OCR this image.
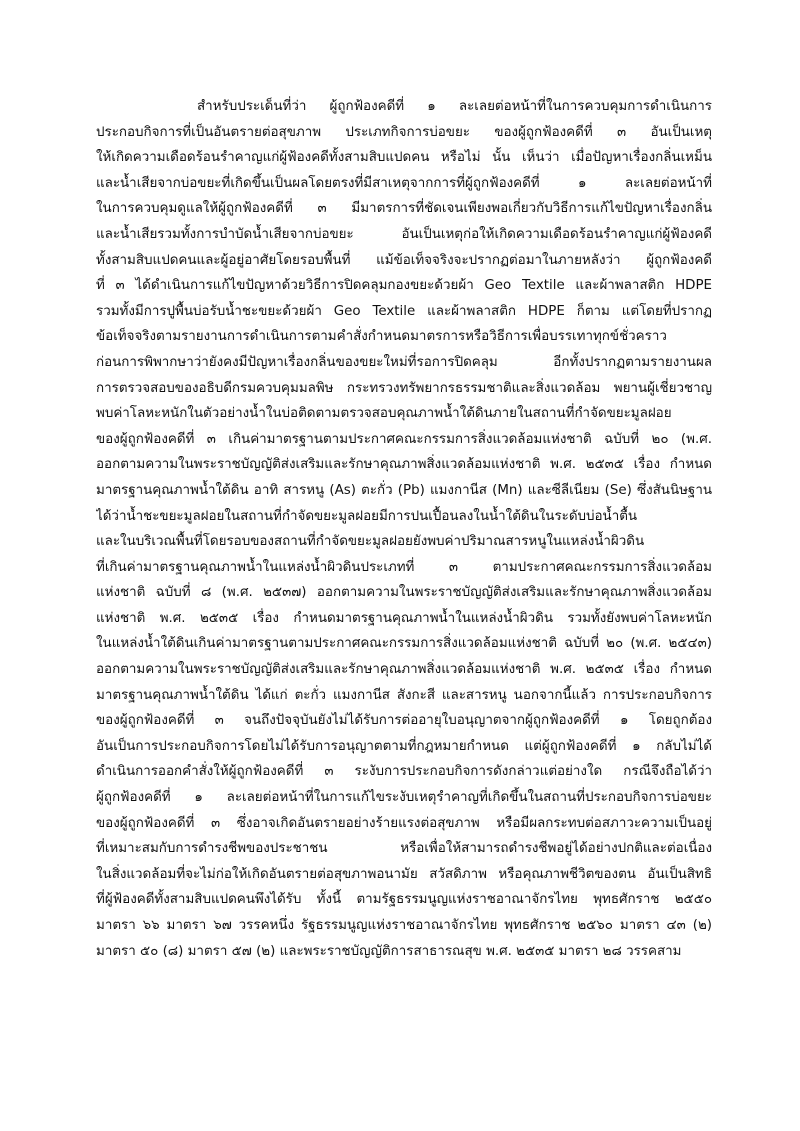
สำหรับประเด็นที่ว่า ผู้ถูกฟ้องคดีที่ ๑ ละเลยต่อหน้าที่ในการควบคุมการดำเนินการ
ประกอบกิจการที่เป็นอันตรายต่อสุขภาพ ประเภทกิจการบ่อขยะ ของผู้ถูกฟ้องคดีที่ ๓ อันเป็นเหตุ
ให้เกิดความเดือดร้อนรำคาญแก่ผู้ฟ้องคดีทั้งสามสิบแปดคน หรือไม่ นั้น เห็นว่า เมื่อปัญหาเรื่องกลิ่นเหม็น
และน้ำเสียจากบ่อขยะที่เกิดขึ้นเป็นผลโดยตรงที่มีสาเหตุจากการที่ผู้ถูกฟ้องคดีที่ ๑ ละเลยต่อหน้าที่
ในการควบคุมดูแลให้ผู้ถูกฟ้องคดีที่ ๓ มีมาตรการที่ชัดเจนเพียงพอเกี่ยวกับวิธีการแก้ไขปัญหาเรื่องกลิ่น
และน้ำเสียรวมทั้งการบำบัดน้ำเสียจากบ่อขยะ อันเป็นเหตุก่อให้เกิดความเดือดร้อนรำคาญแก่ผู้ฟ้องคดี
ทั้งสามสิบแปดคนและผู้อยู่อาศัยโดยรอบพื้นที่ แม้ข้อเท็จจริงจะปรากฏต่อมาในภายหลังว่า ผู้ถูกฟ้องคดี
ที่ ๓ ได้ดำเนินการแก้ไขปัญหาด้วยวิธีการปิดคลุมกองขยะด้วยผ้า Geo Textile และผ้าพลาสติก HDPE
รวมทั้งมีการปูพื้นบ่อรับน้ำชะขยะด้วยผ้า Geo Textile และผ้าพลาสติก HDPE ก็ตาม แต่โดยที่ปรากฏ
ข้อเท็จจริงตามรายงานการดำเนินการตามคำสั่งกำหนดมาตรการหรือวิธีการเพื่อบรรเทาทุกข์ชั่วคราว
ก่อนการพิพากษาว่ายังคงมีปัญหาเรื่องกลิ่นของขยะใหม่ที่รอการปิดคลุม อีกทั้งปรากฏตามรายงานผล
การตรวจสอบของอธิบดีกรมควบคุมมลพิษ กระทรวงทรัพยากรธรรมชาติและสิ่งแวดล้อม พยานผู้เชี่ยวชาญ
พบค่าโลหะหนักในตัวอย่างน้ำในบ่อติดตามตรวจสอบคุณภาพน้ำใต้ดินภายในสถานที่กำจัดขยะมูลฝอย
ของผู้ถูกฟ้องคดีที่ ๓ เกินค่ามาตรฐานตามประกาศคณะกรรมการสิ่งแวดล้อมแห่งชาติ ฉบับที่ ๒๐ (พ.ศ.
ออกตามความในพระราชบัญญัติส่งเสริมและรักษาคุณภาพสิ่งแวดล้อมแห่งชาติ พ.ศ. ๒๕๓๕ เรื่อง กำหนด
มาตรฐานคุณภาพน้ำใต้ดิน อาทิ สารหนู (As) ตะกั่ว (Pb) แมงกานีส (Mn) และซีลีเนียม (Se) ซึ่งสันนิษฐาน
ได้ว่าน้ำชะขยะมูลฝอยในสถานที่กำจัดขยะมูลฝอยมีการปนเปื้อนลงในน้ำใต้ดินในระดับบ่อน้ำตื้น
และในบริเวณพื้นที่โดยรอบของสถานที่กำจัดขยะมูลฝอยยังพบค่าปริมาณสารหนูในแหล่งน้ำผิวดิน
ที่เกินค่ามาตรฐานคุณภาพน้ำในแหล่งน้ำผิวดินประเภทที่ ๓ ตามประกาศคณะกรรมการสิ่งแวดล้อม
แห่งชาติ ฉบับที่ ๘ (พ.ศ. ๒๕๓๗) ออกตามความในพระราชบัญญัติส่งเสริมและรักษาคุณภาพสิ่งแวดล้อม
แห่งชาติ พ.ศ. ๒๕๓๕ เรื่อง กำหนดมาตรฐานคุณภาพน้ำในแหล่งน้ำผิวดิน รวมทั้งยังพบค่าโลหะหนัก
ในแหล่งน้ำใต้ดินเกินค่ามาตรฐานตามประกาศคณะกรรมการสิ่งแวดล้อมแห่งชาติ ฉบับที่ ๒๐ (พ.ศ. ๒๕๔๓)
ออกตามความในพระราชบัญญัติส่งเสริมและรักษาคุณภาพสิ่งแวดล้อมแห่งชาติ พ.ศ. ๒๕๓๕ เรื่อง กำหนด
มาตรฐานคุณภาพน้ำใต้ดิน ได้แก่ ตะกั่ว แมงกานีส สังกะสี และสารหนู นอกจากนี้แล้ว การประกอบกิจการ
ของผู้ถูกฟ้องคดีที่ ๓ จนถึงปัจจุบันยังไม่ได้รับการต่ออายุใบอนุญาตจากผู้ถูกฟ้องคดีที่ ๑ โดยถูกต้อง
อันเป็นการประกอบกิจการโดยไม่ได้รับการอนุญาตตามที่กฎหมายกำหนด แต่ผู้ถูกฟ้องคดีที่ ๑ กลับไม่ได้
ดำเนินการออกคำสั่งให้ผู้ถูกฟ้องคดีที่ ๓ ระงับการประกอบกิจการดังกล่าวแต่อย่างใด กรณีจึงถือได้ว่า
ผู้ถูกฟ้องคดีที่ ๑ ละเลยต่อหน้าที่ในการแก้ไขระงับเหตุรำคาญที่เกิดขึ้นในสถานที่ประกอบกิจการบ่อขยะ
ของผู้ถูกฟ้องคดีที่ ๓ ซึ่งอาจเกิดอันตรายอย่างร้ายแรงต่อสุขภาพ หรือมีผลกระทบต่อสภาวะความเป็นอยู่
ที่เหมาะสมกับการดำรงชีพของประชาชน หรือเพื่อให้สามารถดำรงชีพอยู่ได้อย่างปกติและต่อเนื่อง
ในสิ่งแวดล้อมที่จะไม่ก่อให้เกิดอันตรายต่อสุขภาพอนามัย สวัสดิภาพ หรือคุณภาพชีวิตของตน อันเป็นสิทธิ
ที่ผู้ฟ้องคดีทั้งสามสิบแปดคนพึงได้รับ ทั้งนี้ ตามรัฐธรรมนูญแห่งราชอาณาจักรไทย พุทธศักราช ๒๕๕๐
มาตรา ๖๖ มาตรา ๖๗ วรรคหนึ่ง รัฐธรรมนูญแห่งราชอาณาจักรไทย พุทธศักราช ๒๕๖๐ มาตรา ๔๓ (๒)
มาตรา ๕๐ (๘) มาตรา ๕๗ (๒) และพระราชบัญญัติการสาธารณสุข พ.ศ. ๒๕๓๕ มาตรา ๒๘ วรรคสาม
